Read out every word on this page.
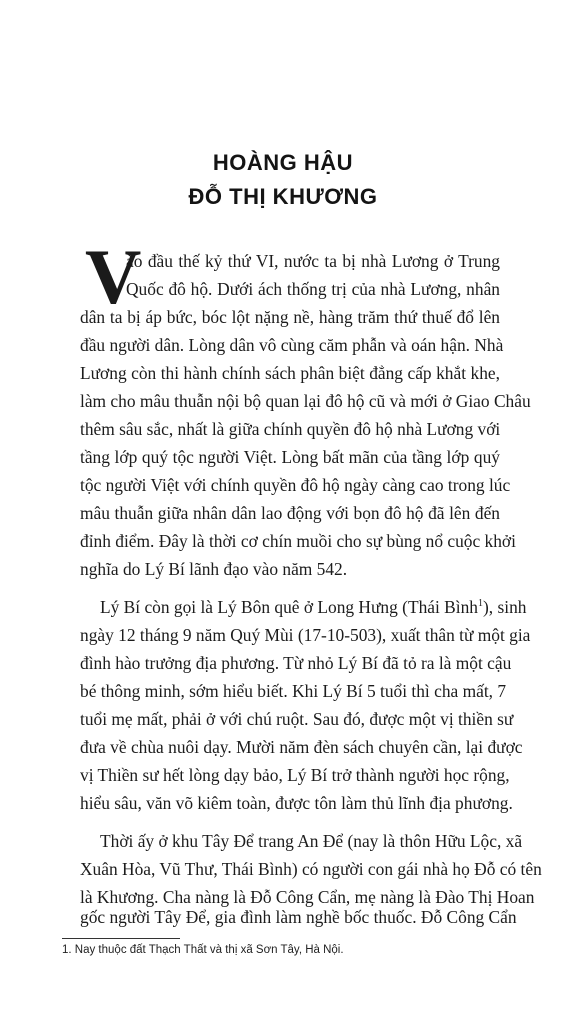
HOÀNG HẬU
ĐỖ THỊ KHƯƠNG
V
ào đầu thế kỷ thứ VI, nước ta bị nhà Lương ở Trung
Quốc đô hộ. Dưới ách thống trị của nhà Lương, nhân
dân ta bị áp bức, bóc lột nặng nề, hàng trăm thứ thuế đổ lên
đầu người dân. Lòng dân vô cùng căm phẫn và oán hận. Nhà
Lương còn thi hành chính sách phân biệt đẳng cấp khắt khe,
làm cho mâu thuẫn nội bộ quan lại đô hộ cũ và mới ở Giao Châu
thêm sâu sắc, nhất là giữa chính quyền đô hộ nhà Lương với
tầng lớp quý tộc người Việt. Lòng bất mãn của tầng lớp quý
tộc người Việt với chính quyền đô hộ ngày càng cao trong lúc
mâu thuẫn giữa nhân dân lao động với bọn đô hộ đã lên đến
đỉnh điểm. Đây là thời cơ chín muồi cho sự bùng nổ cuộc khởi
nghĩa do Lý Bí lãnh đạo vào năm 542.
Lý Bí còn gọi là Lý Bôn quê ở Long Hưng (Thái Bình$^1$), sinh
ngày 12 tháng 9 năm Quý Mùi (17-10-503), xuất thân từ một gia
đình hào trưởng địa phương. Từ nhỏ Lý Bí đã tỏ ra là một cậu
bé thông minh, sớm hiểu biết. Khi Lý Bí 5 tuổi thì cha mất, 7
tuổi mẹ mất, phải ở với chú ruột. Sau đó, được một vị thiền sư
đưa về chùa nuôi dạy. Mười năm đèn sách chuyên cần, lại được
vị Thiền sư hết lòng dạy bảo, Lý Bí trở thành người học rộng,
hiểu sâu, văn võ kiêm toàn, được tôn làm thủ lĩnh địa phương.
Thời ấy ở khu Tây Để trang An Để (nay là thôn Hữu Lộc, xã
Xuân Hòa, Vũ Thư, Thái Bình) có người con gái nhà họ Đỗ có tên
là Khương. Cha nàng là Đỗ Công Cẩn, mẹ nàng là Đào Thị Hoan
gốc người Tây Để, gia đình làm nghề bốc thuốc. Đỗ Công Cẩn
1. Nay thuộc đất Thạch Thất và thị xã Sơn Tây, Hà Nội.
